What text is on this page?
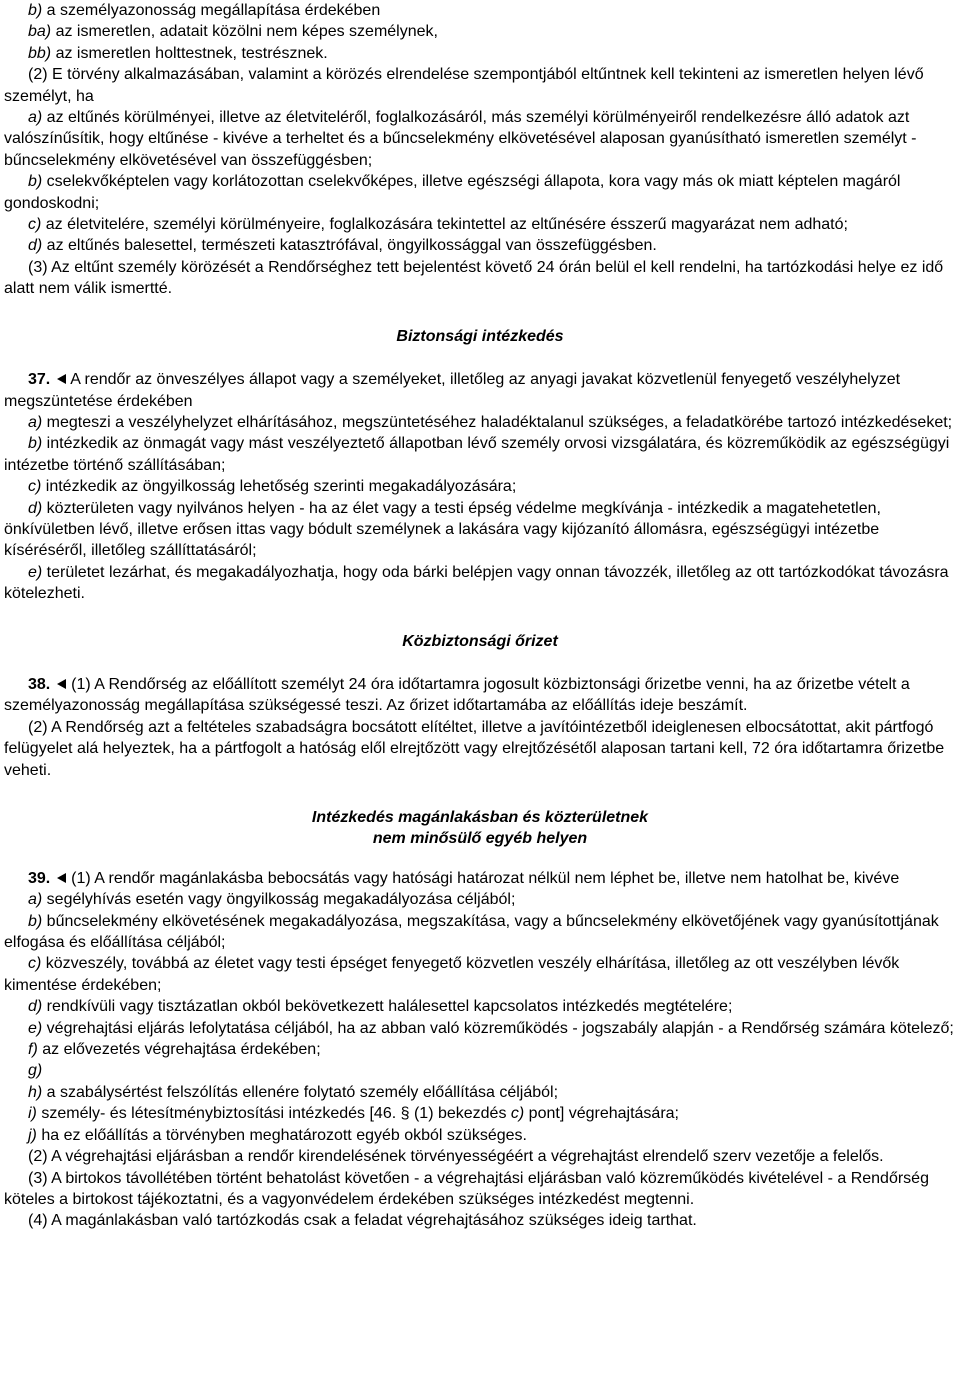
b) a személyazonosság megállapítása érdekében

ba) az ismeretlen, adatait közölni nem képes személynek,

bb) az ismeretlen holttestnek, testrésznek.

(2) E törvény alkalmazásában, valamint a körözés elrendelése szempontjából eltűntnek kell tekinteni az ismeretlen helyen lévő személyt, ha

a) az eltűnés körülményei, illetve az életviteléről, foglalkozásáról, más személyi körülményeiről rendelkezésre álló adatok azt valószínűsítik, hogy eltűnése - kivéve a terheltet és a bűncselekmény elkövetésével alaposan gyanúsítható ismeretlen személyt - bűncselekmény elkövetésével van összefüggésben;

b) cselekvőképtelen vagy korlátozottan cselekvőképes, illetve egészségi állapota, kora vagy más ok miatt képtelen magáról gondoskodni;

c) az életvitelére, személyi körülményeire, foglalkozására tekintettel az eltűnésére ésszerű magyarázat nem adható;

d) az eltűnés balesettel, természeti katasztrófával, öngyilkossággal van összefüggésben.

(3) Az eltűnt személy körözését a Rendőrséghez tett bejelentést követő 24 órán belül el kell rendelni, ha tartózkodási helye ez idő alatt nem válik ismertté.

Biztonsági intézkedés

37.  A rendőr az önveszélyes állapot vagy a személyeket, illetőleg az anyagi javakat közvetlenül fenyegető veszélyhelyzet megszüntetése érdekében

a) megteszi a veszélyhelyzet elhárításához, megszüntetéséhez haladéktalanul szükséges, a feladatkörébe tartozó intézkedéseket;

b) intézkedik az önmagát vagy mást veszélyeztető állapotban lévő személy orvosi vizsgálatára, és közreműködik az egészségügyi intézetbe történő szállításában;

c) intézkedik az öngyilkosság lehetőség szerinti megakadályozására;

d) közterületen vagy nyilvános helyen - ha az élet vagy a testi épség védelme megkívánja - intézkedik a magatehetetlen, önkívületben lévő, illetve erősen ittas vagy bódult személynek a lakására vagy kijózanító állomásra, egészségügyi intézetbe kíséréséről, illetőleg szállíttatásáról;

e) területet lezárhat, és megakadályozhatja, hogy oda bárki belépjen vagy onnan távozzék, illetőleg az ott tartózkodókat távozásra kötelezheti.

Közbiztonsági őrizet

38.  (1) A Rendőrség az előállított személyt 24 óra időtartamra jogosult közbiztonsági őrizetbe venni, ha az őrizetbe vételt a személyazonosság megállapítása szükségessé teszi. Az őrizet időtartamába az előállítás ideje beszámít.

(2) A Rendőrség azt a feltételes szabadságra bocsátott elítéltet, illetve a javítóintézetből ideiglenesen elbocsátottat, akit pártfogó felügyelet alá helyeztek, ha a pártfogolt a hatóság elől elrejtőzött vagy elrejtőzésétől alaposan tartani kell, 72 óra időtartamra őrizetbe veheti.

Intézkedés magánlakásban és közterületnek

nem minősülő egyéb helyen

39.  (1) A rendőr magánlakásba bebocsátás vagy hatósági határozat nélkül nem léphet be, illetve nem hatolhat be, kivéve

a) segélyhívás esetén vagy öngyilkosság megakadályozása céljából;

b) bűncselekmény elkövetésének megakadályozása, megszakítása, vagy a bűncselekmény elkövetőjének vagy gyanúsítottjának elfogása és előállítása céljából;

c) közveszély, továbbá az életet vagy testi épséget fenyegető közvetlen veszély elhárítása, illetőleg az ott veszélyben lévők kimentése érdekében;

d) rendkívüli vagy tisztázatlan okból bekövetkezett halálesettel kapcsolatos intézkedés megtételére;

e) végrehajtási eljárás lefolytatása céljából, ha az abban való közreműködés - jogszabály alapján - a Rendőrség számára kötelező;

f) az elővezetés végrehajtása érdekében;

g)

h) a szabálysértést felszólítás ellenére folytató személy előállítása céljából;

i) személy- és létesítménybiztosítási intézkedés [46. § (1) bekezdés c) pont] végrehajtására;

j) ha ez előállítás a törvényben meghatározott egyéb okból szükséges.

(2) A végrehajtási eljárásban a rendőr kirendelésének törvényességéért a végrehajtást elrendelő szerv vezetője a felelős.

(3) A birtokos távollétében történt behatolást követően - a végrehajtási eljárásban való közreműködés kivételével - a Rendőrség köteles a birtokost tájékoztatni, és a vagyonvédelem érdekében szükséges intézkedést megtenni.

(4) A magánlakásban való tartózkodás csak a feladat végrehajtásához szükséges ideig tarthat.
